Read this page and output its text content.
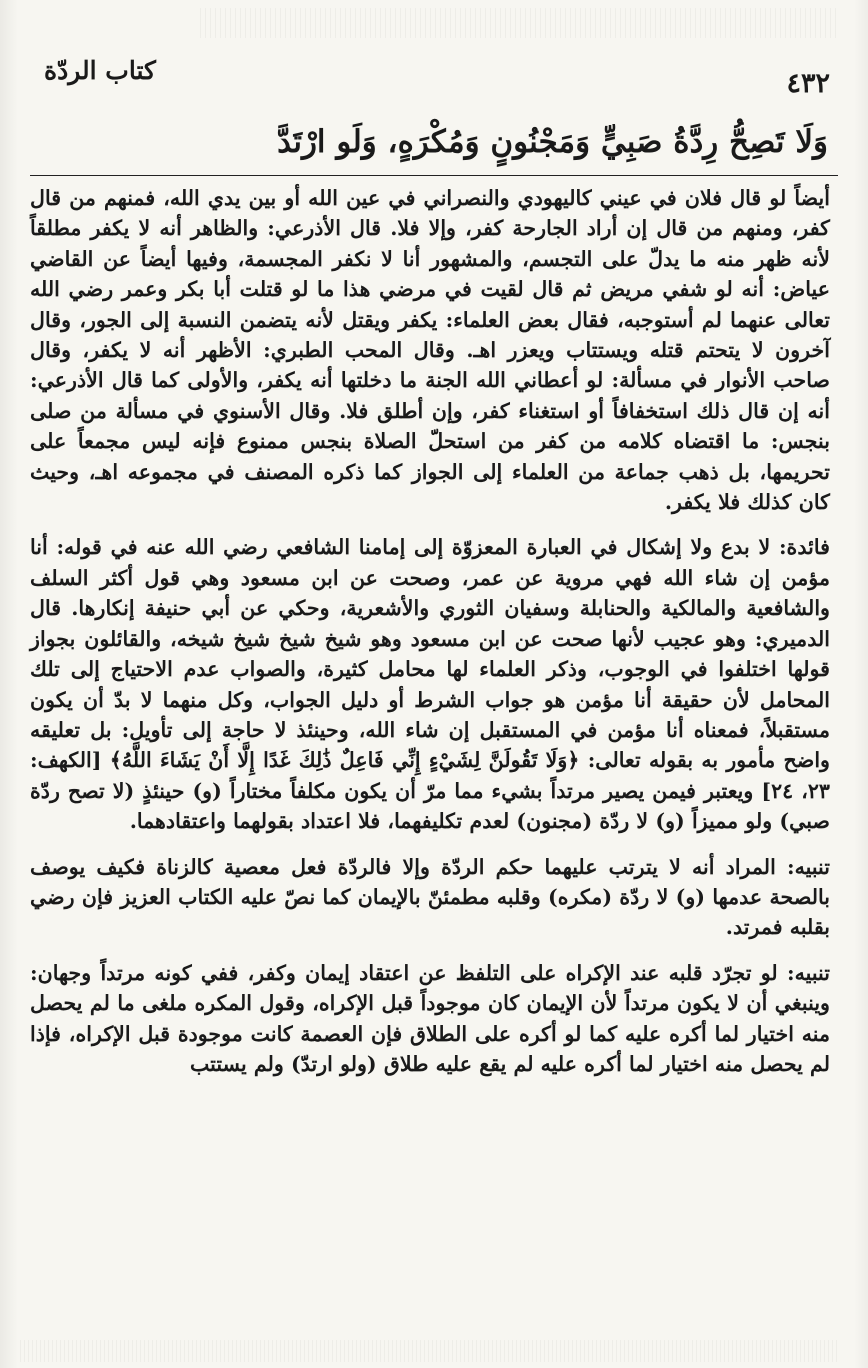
كتاب الردّة	٤٣٢
وَلَا تَصِحُّ رِدَّةُ صَبِيٍّ وَمَجْنُونٍ وَمُكْرَهٍ، وَلَو ارْتَدَّ

أيضاً لو قال فلان في عيني كاليهودي والنصراني في عين الله أو بين يدي الله، فمنهم من قال كفر، ومنهم من قال إن أراد الجارحة كفر، وإلا فلا. قال الأذرعي: والظاهر أنه لا يكفر مطلقاً لأنه ظهر منه ما يدلّ على التجسم، والمشهور أنا لا نكفر المجسمة، وفيها أيضاً عن القاضي عياض: أنه لو شفي مريض ثم قال لقيت في مرضي هذا ما لو قتلت أبا بكر وعمر رضي الله تعالى عنهما لم أستوجبه، فقال بعض العلماء: يكفر ويقتل لأنه يتضمن النسبة إلى الجور، وقال آخرون لا يتحتم قتله ويستتاب ويعزر اهـ. وقال المحب الطبري: الأظهر أنه لا يكفر، وقال صاحب الأنوار في مسألة: لو أعطاني الله الجنة ما دخلتها أنه يكفر، والأولى كما قال الأذرعي: أنه إن قال ذلك استخفافاً أو استغناء كفر، وإن أطلق فلا. وقال الأسنوي في مسألة من صلى بنجس: ما اقتضاه كلامه من كفر من استحلّ الصلاة بنجس ممنوع فإنه ليس مجمعاً على تحريمها، بل ذهب جماعة من العلماء إلى الجواز كما ذكره المصنف في مجموعه اهـ، وحيث كان كذلك فلا يكفر.

فائدة: لا بدع ولا إشكال في العبارة المعزوّة إلى إمامنا الشافعي رضي الله عنه في قوله: أنا مؤمن إن شاء الله فهي مروية عن عمر، وصحت عن ابن مسعود وهي قول أكثر السلف والشافعية والمالكية والحنابلة وسفيان الثوري والأشعرية، وحكي عن أبي حنيفة إنكارها. قال الدميري: وهو عجيب لأنها صحت عن ابن مسعود وهو شيخ شيخ شيخ شيخه، والقائلون بجواز قولها اختلفوا في الوجوب، وذكر العلماء لها محامل كثيرة، والصواب عدم الاحتياج إلى تلك المحامل لأن حقيقة أنا مؤمن هو جواب الشرط أو دليل الجواب، وكل منهما لا بدّ أن يكون مستقبلاً، فمعناه أنا مؤمن في المستقبل إن شاء الله، وحينئذ لا حاجة إلى تأويل: بل تعليقه واضح مأمور به بقوله تعالى: ﴿وَلَا تَقُولَنَّ لِشَيْءٍ إِنِّي فَاعِلٌ ذَٰلِكَ غَدًا إِلَّا أَنْ يَشَاءَ اللَّهُ﴾ [الكهف: ٢٣، ٢٤] ويعتبر فيمن يصير مرتداً بشيء مما مرّ أن يكون مكلفاً مختاراً (و) حينئذٍ (لا تصح ردّة صبي) ولو مميزاً (و) لا ردّة (مجنون) لعدم تكليفهما، فلا اعتداد بقولهما واعتقادهما.

تنبيه: المراد أنه لا يترتب عليهما حكم الردّة وإلا فالردّة فعل معصية كالزناة فكيف يوصف بالصحة عدمها (و) لا ردّة (مكره) وقلبه مطمئنّ بالإيمان كما نصّ عليه الكتاب العزيز فإن رضي بقلبه فمرتد.

تنبيه: لو تجرّد قلبه عند الإكراه على التلفظ عن اعتقاد إيمان وكفر، ففي كونه مرتداً وجهان: وينبغي أن لا يكون مرتداً لأن الإيمان كان موجوداً قبل الإكراه، وقول المكره ملغى ما لم يحصل منه اختيار لما أكره عليه كما لو أكره على الطلاق فإن العصمة كانت موجودة قبل الإكراه، فإذا لم يحصل منه اختيار لما أكره عليه لم يقع عليه طلاق (ولو ارتدّ) ولم يستتب
